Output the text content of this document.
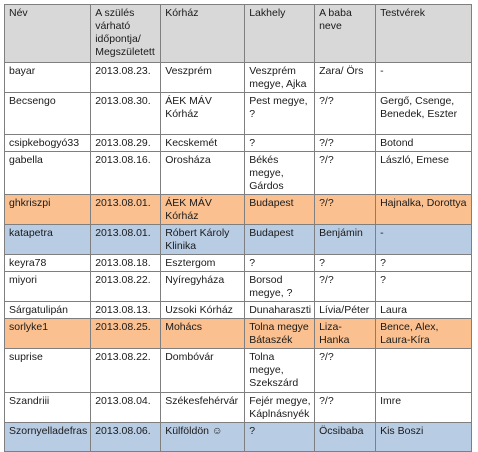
Név	A szülés várható időpontja/ Megszületett	Kórház	Lakhely	A baba neve	Testvérek
bayar	2013.08.23.	Veszprém	Veszprém megye, Ajka	Zara/ Örs	-
Becsengo	2013.08.30.	ÁEK MÁV Kórház	Pest megye, ?	?/?	Gergő, Csenge, Benedek, Eszter
csipkebogyó33	2013.08.29.	Kecskemét	?	?/?	Botond
gabella	2013.08.16.	Orosháza	Békés megye, Gárdos	?/?	László, Emese
ghkriszpi	2013.08.01.	ÁEK MÁV Kórház	Budapest	?/?	Hajnalka, Dorottya
katapetra	2013.08.01.	Róbert Károly Klinika	Budapest	Benjámin	-
keyra78	2013.08.18.	Esztergom	?	?	?
miyori	2013.08.22.	Nyíregyháza	Borsod megye, ?	?/?	?
Sárgatulipán	2013.08.13.	Uzsoki Kórház	Dunaharaszti	Lívia/Péter	Laura
sorlyke1	2013.08.25.	Mohács	Tolna megye Bátaszék	Liza-Hanka	Bence, Alex, Laura-Kíra
suprise	2013.08.22.	Dombóvár	Tolna megye, Szekszárd	?/?	
Szandriii	2013.08.04.	Székesfehérvár	Fejér megye, Káplnásnyék	?/?	Imre
Szornyelladefras	2013.08.06.	Külföldön ☺	?	Öcsibaba	Kis Boszi
